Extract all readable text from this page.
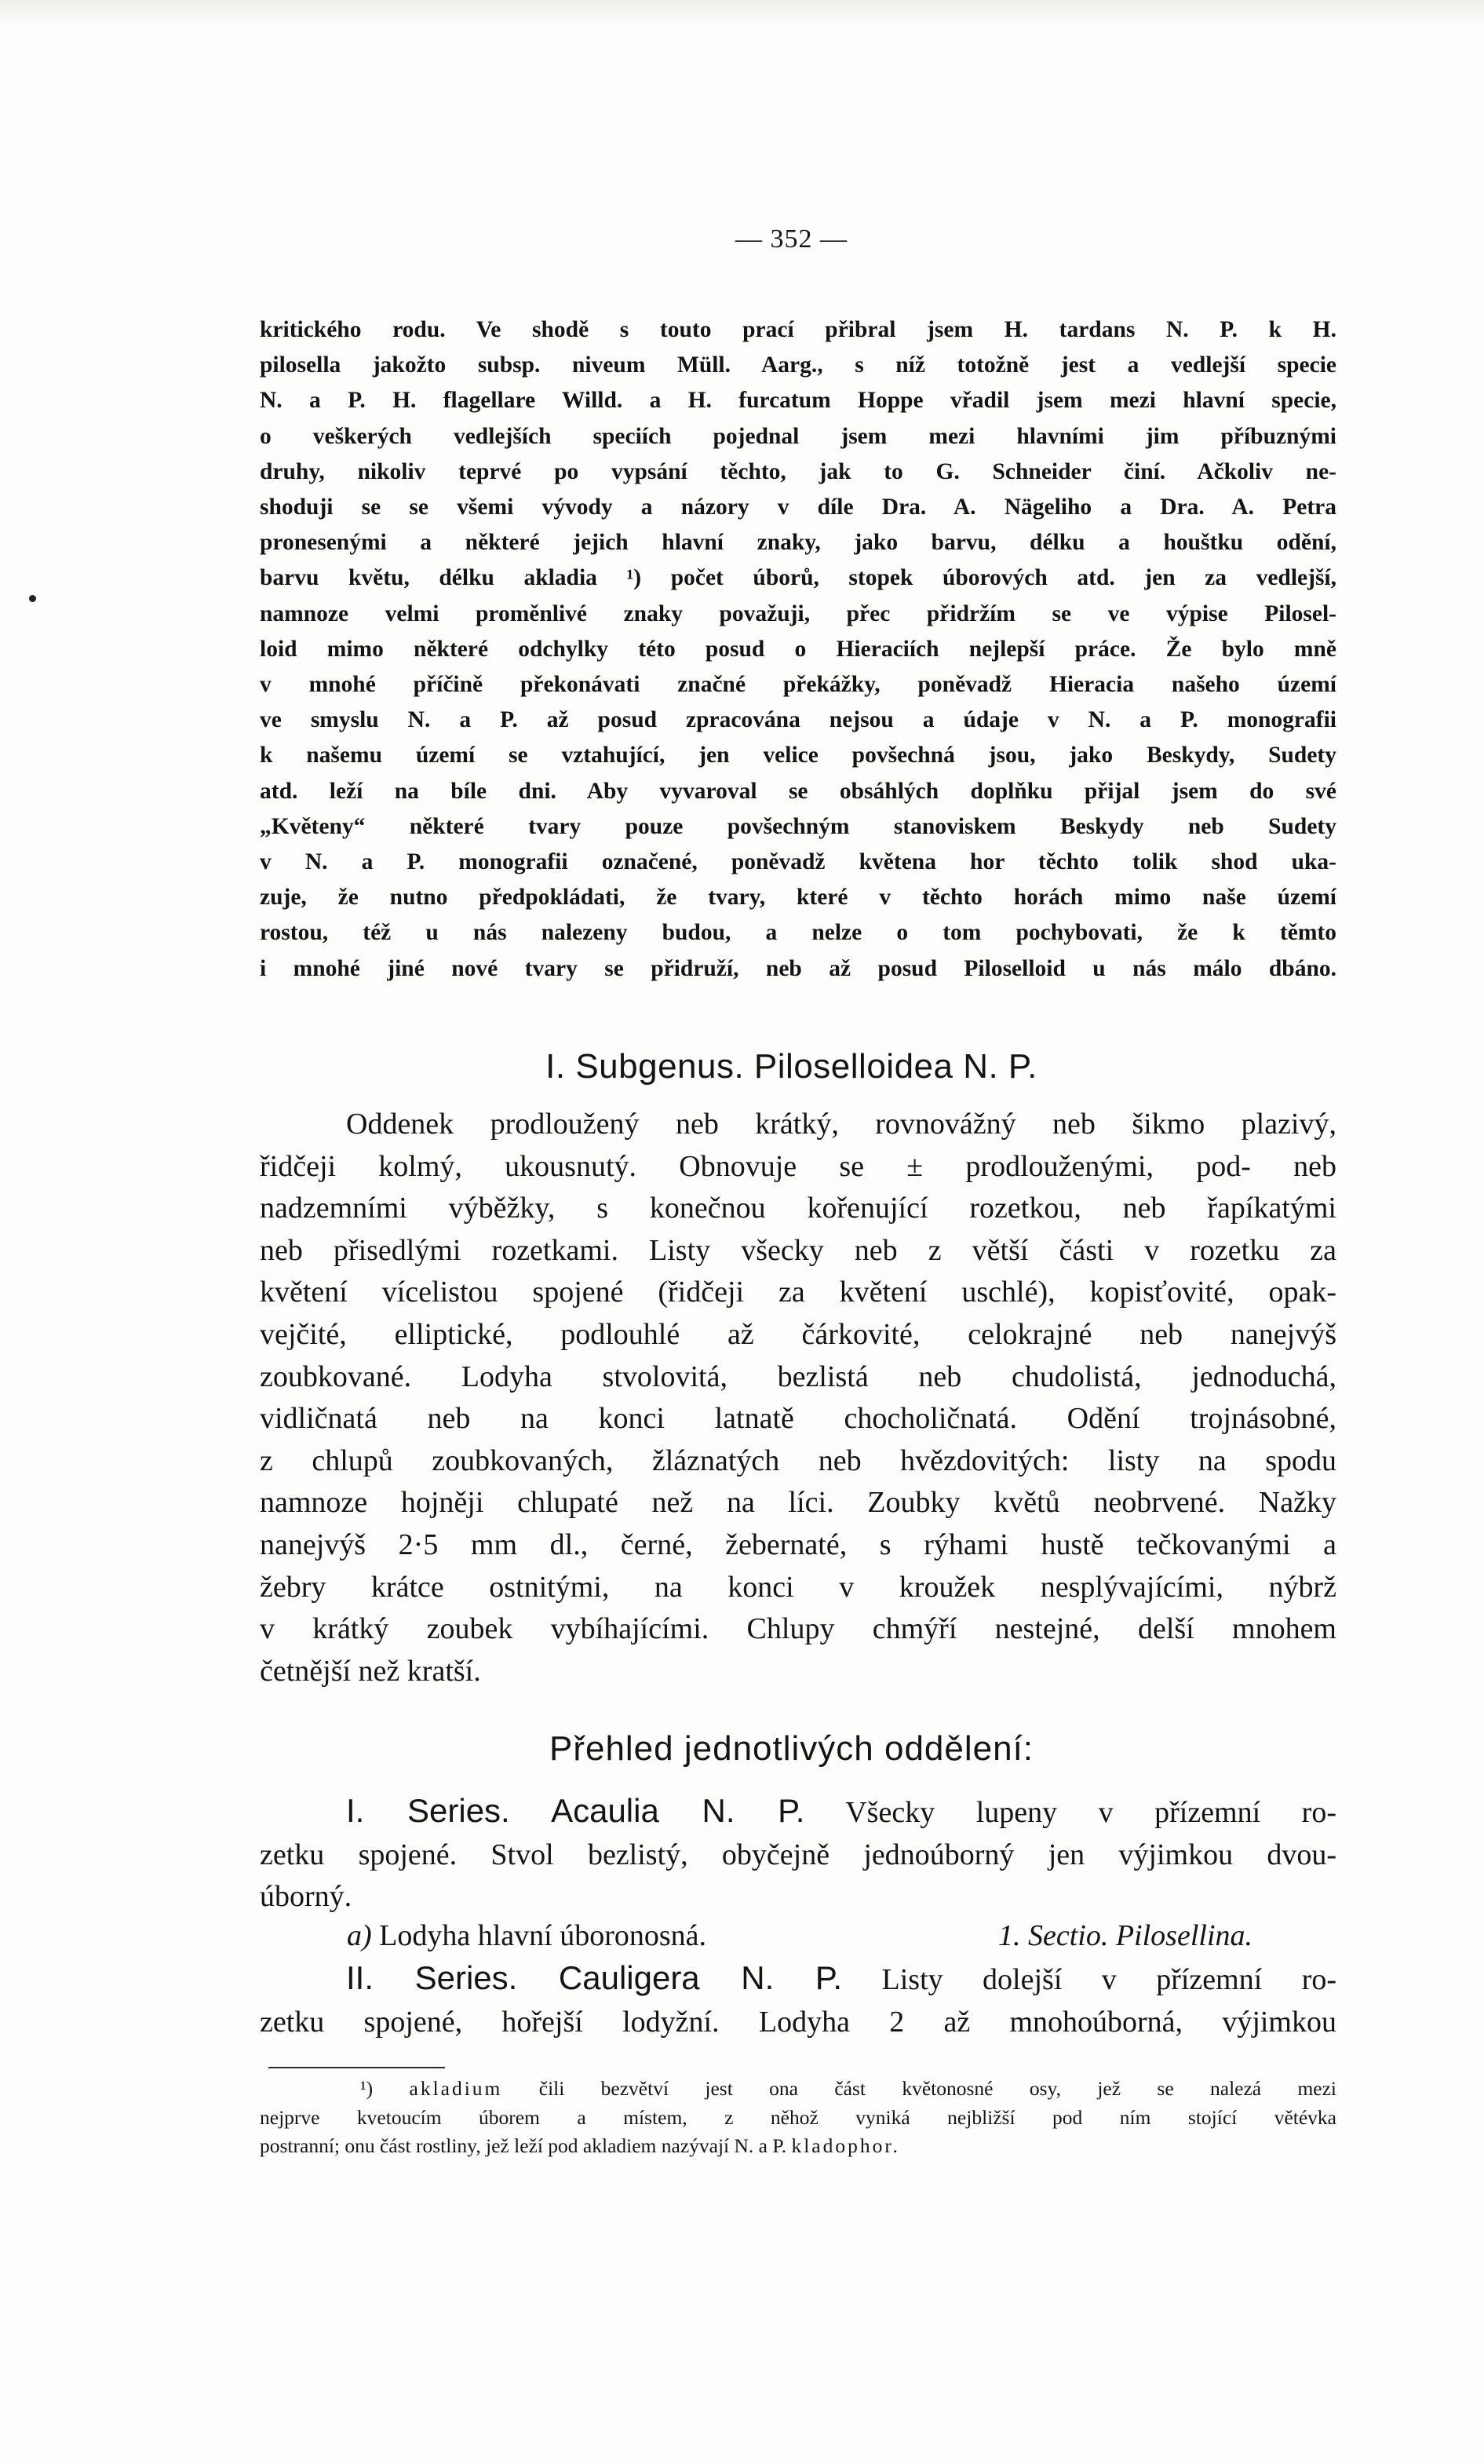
— 352 —
kritického rodu. Ve shodě s touto prací přibral jsem H. tardans N. P. k H.
pilosella jakožto subsp. niveum Müll. Aarg., s níž totožně jest a vedlejší specie
N. a P. H. flagellare Willd. a H. furcatum Hoppe vřadil jsem mezi hlavní specie,
o veškerých vedlejších speciích pojednal jsem mezi hlavními jim příbuznými
druhy, nikoliv teprvé po vypsání těchto, jak to G. Schneider činí. Ačkoliv ne-
shoduji se se všemi vývody a názory v díle Dra. A. Nägeliho a Dra. A. Petra
pronesenými a některé jejich hlavní znaky, jako barvu, délku a houštku odění,
barvu květu, délku akladia ¹) počet úborů, stopek úborových atd. jen za vedlejší,
namnoze velmi proměnlivé znaky považuji, přec přidržím se ve výpise Pilosel-
loid mimo některé odchylky této posud o Hieraciích nejlepší práce. Že bylo mně
v mnohé příčině překonávati značné překážky, poněvadž Hieracia našeho území
ve smyslu N. a P. až posud zpracována nejsou a údaje v N. a P. monografii
k našemu území se vztahující, jen velice povšechná jsou, jako Beskydy, Sudety
atd. leží na bíle dni. Aby vyvaroval se obsáhlých doplňku přijal jsem do své
„Květeny“ některé tvary pouze povšechným stanoviskem Beskydy neb Sudety
v N. a P. monografii označené, poněvadž květena hor těchto tolik shod uka-
zuje, že nutno předpokládati, že tvary, které v těchto horách mimo naše území
rostou, též u nás nalezeny budou, a nelze o tom pochybovati, že k těmto
i mnohé jiné nové tvary se přidruží, neb až posud Piloselloid u nás málo dbáno.
I. Subgenus. Piloselloidea N. P.
Oddenek prodloužený neb krátký, rovnovážný neb šikmo plazivý,
řidčeji kolmý, ukousnutý. Obnovuje se ± prodlouženými, pod- neb
nadzemními výběžky, s konečnou kořenující rozetkou, neb řapíkatými
neb přisedlými rozetkami. Listy všecky neb z větší části v rozetku za
květení vícelistou spojené (řidčeji za květení uschlé), kopisťovité, opak-
vejčité, elliptické, podlouhlé až čárkovité, celokrajné neb nanejvýš
zoubkované. Lodyha stvolovitá, bezlistá neb chudolistá, jednoduchá,
vidličnatá neb na konci latnatě chocholičnatá. Odění trojnásobné,
z chlupů zoubkovaných, žláznatých neb hvězdovitých: listy na spodu
namnoze hojněji chlupaté než na líci. Zoubky květů neobrvené. Nažky
nanejvýš 2·5 mm dl., černé, žebernaté, s rýhami hustě tečkovanými a
žebry krátce ostnitými, na konci v kroužek nesplývajícími, nýbrž
v krátký zoubek vybíhajícími. Chlupy chmýří nestejné, delší mnohem
četnější než kratší.
Přehled jednotlivých oddělení:
I. Series. Acaulia N. P. Všecky lupeny v přízemní ro-
zetku spojené. Stvol bezlistý, obyčejně jednoúborný jen výjimkou dvou-
úborný.
a) Lodyha hlavní úboronosná.	1. Sectio. Pilosellina.
II. Series. Cauligera N. P. Listy dolejší v přízemní ro-
zetku spojené, hořejší lodyžní. Lodyha 2 až mnohoúborná, výjimkou
¹) akladium čili bezvětví jest ona část květonosné osy, jež se nalezá mezi
nejprve kvetoucím úborem a místem, z něhož vyniká nejbližší pod ním stojící větévka
postranní; onu část rostliny, jež leží pod akladiem nazývají N. a P. kladophor.
